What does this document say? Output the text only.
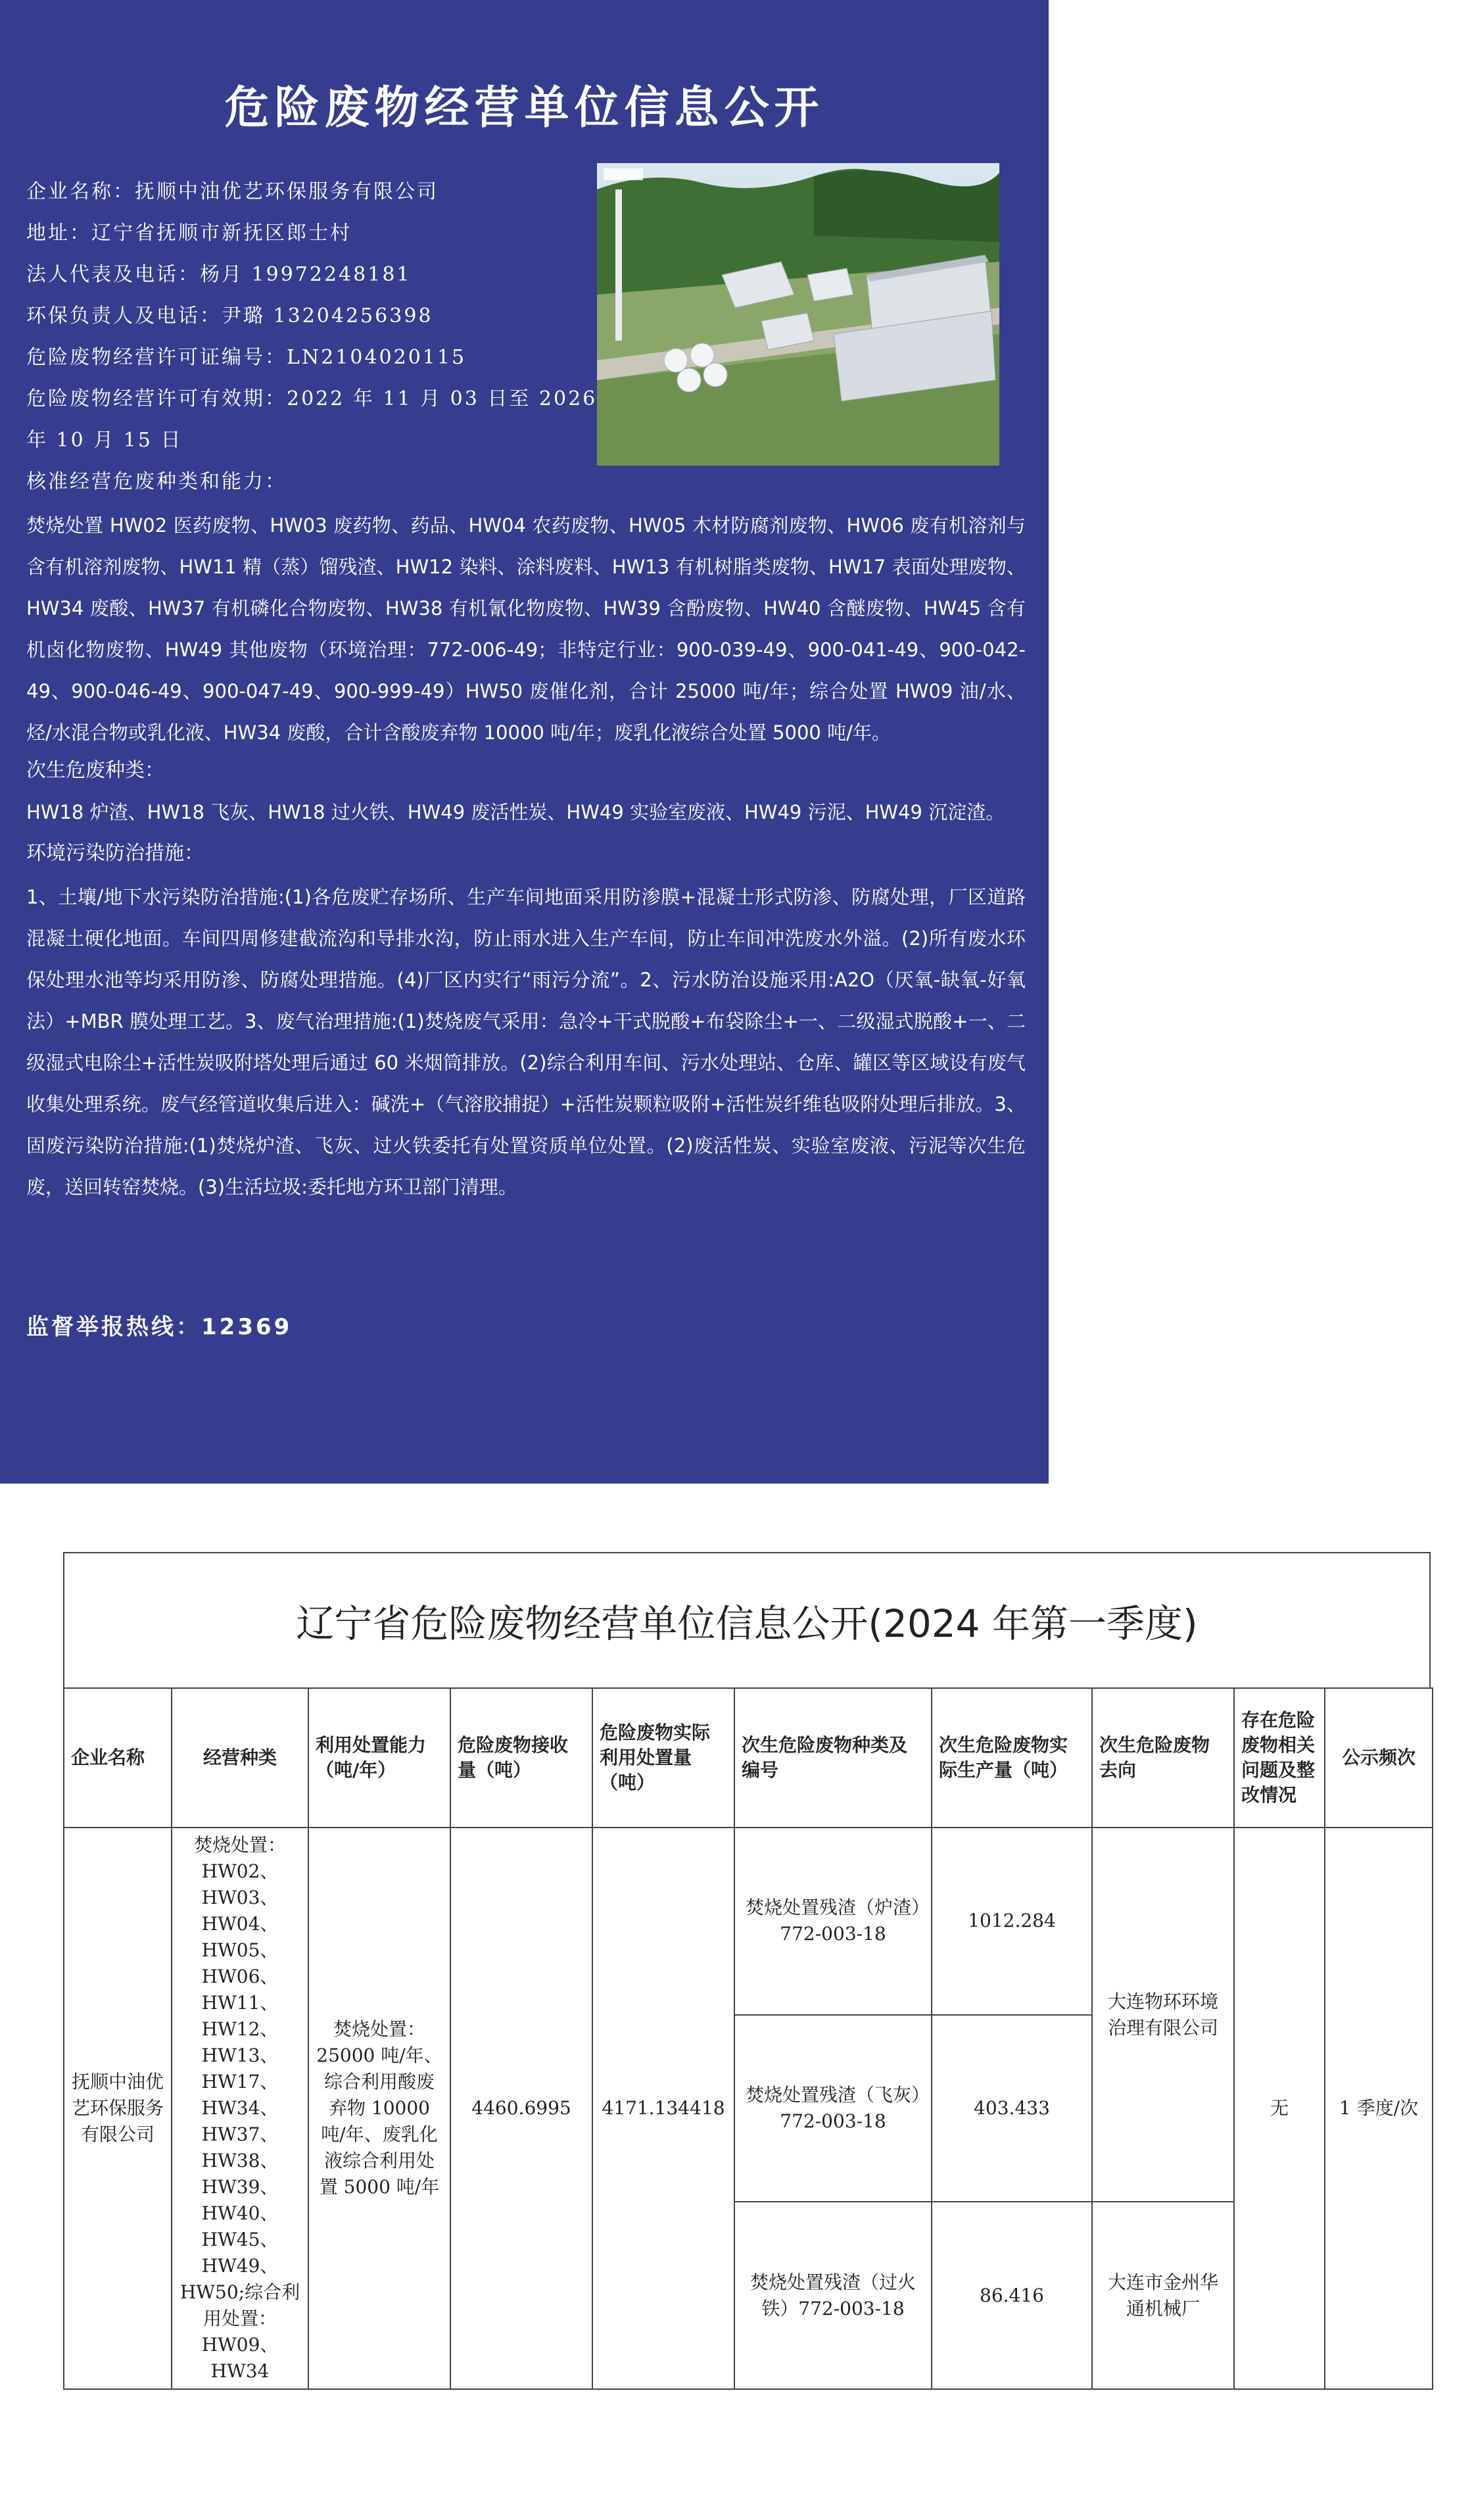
危险废物经营单位信息公开
企业名称：抚顺中油优艺环保服务有限公司
地址：辽宁省抚顺市新抚区郎士村
法人代表及电话：杨月 19972248181
环保负责人及电话：尹璐 13204256398
危险废物经营许可证编号：LN2104020115
危险废物经营许可有效期：2022 年 11 月 03 日至 2026
年 10 月 15 日
核准经营危废种类和能力：
焚烧处置 HW02 医药废物、HW03 废药物、药品、HW04 农药废物、HW05 木材防腐剂废物、HW06 废有机溶剂与含有机溶剂废物、HW11 精（蒸）馏残渣、HW12 染料、涂料废料、HW13 有机树脂类废物、HW17 表面处理废物、HW34 废酸、HW37 有机磷化合物废物、HW38 有机氰化物废物、HW39 含酚废物、HW40 含醚废物、HW45 含有机卤化物废物、HW49 其他废物（环境治理：772-006-49；非特定行业：900-039-49、900-041-49、900-042-49、900-046-49、900-047-49、900-999-49）HW50 废催化剂，合计 25000 吨/年；综合处置 HW09 油/水、烃/水混合物或乳化液、HW34 废酸，合计含酸废弃物 10000 吨/年；废乳化液综合处置 5000 吨/年。
次生危废种类：
HW18 炉渣、HW18 飞灰、HW18 过火铁、HW49 废活性炭、HW49 实验室废液、HW49 污泥、HW49 沉淀渣。
环境污染防治措施：
1、土壤/地下水污染防治措施:(1)各危废贮存场所、生产车间地面采用防渗膜+混凝士形式防渗、防腐处理，厂区道路混凝土硬化地面。车间四周修建截流沟和导排水沟，防止雨水进入生产车间，防止车间冲洗废水外溢。(2)所有废水环保处理水池等均采用防渗、防腐处理措施。(4)厂区内实行“雨污分流”。2、污水防治设施采用:A2O（厌氧-缺氧-好氧法）+MBR 膜处理工艺。3、废气治理措施:(1)焚烧废气采用：急冷+干式脱酸+布袋除尘+一、二级湿式脱酸+一、二级湿式电除尘+活性炭吸附塔处理后通过 60 米烟筒排放。(2)综合利用车间、污水处理站、仓库、罐区等区域设有废气收集处理系统。废气经管道收集后进入：碱洗+（气溶胶捕捉）+活性炭颗粒吸附+活性炭纤维毡吸附处理后排放。3、固废污染防治措施:(1)焚烧炉渣、飞灰、过火铁委托有处置资质单位处置。(2)废活性炭、实验室废液、污泥等次生危废，送回转窑焚烧。(3)生活垃圾:委托地方环卫部门清理。
监督举报热线：12369
辽宁省危险废物经营单位信息公开(2024 年第一季度)
企业名称	经营种类	利用处置能力（吨/年）	危险废物接收量（吨）	危险废物实际利用处置量（吨）	次生危险废物种类及编号	次生危险废物实际生产量（吨）	次生危险废物去向	存在危险废物相关问题及整改情况	公示频次
抚顺中油优艺环保服务有限公司	焚烧处置：HW02、HW03、HW04、HW05、HW06、HW11、HW12、HW13、HW17、HW34、HW37、HW38、HW39、HW40、HW45、HW49、HW50;综合利用处置：HW09、HW34	焚烧处置：25000 吨/年、综合利用酸废弃物 10000 吨/年、废乳化液综合利用处置 5000 吨/年	4460.6995	4171.134418	焚烧处置残渣（炉渣）772-003-18	1012.284	大连物环环境治理有限公司	无	1 季度/次
					焚烧处置残渣（飞灰）772-003-18	403.433			
					焚烧处置残渣（过火铁）772-003-18	86.416	大连市金州华通机械厂		
